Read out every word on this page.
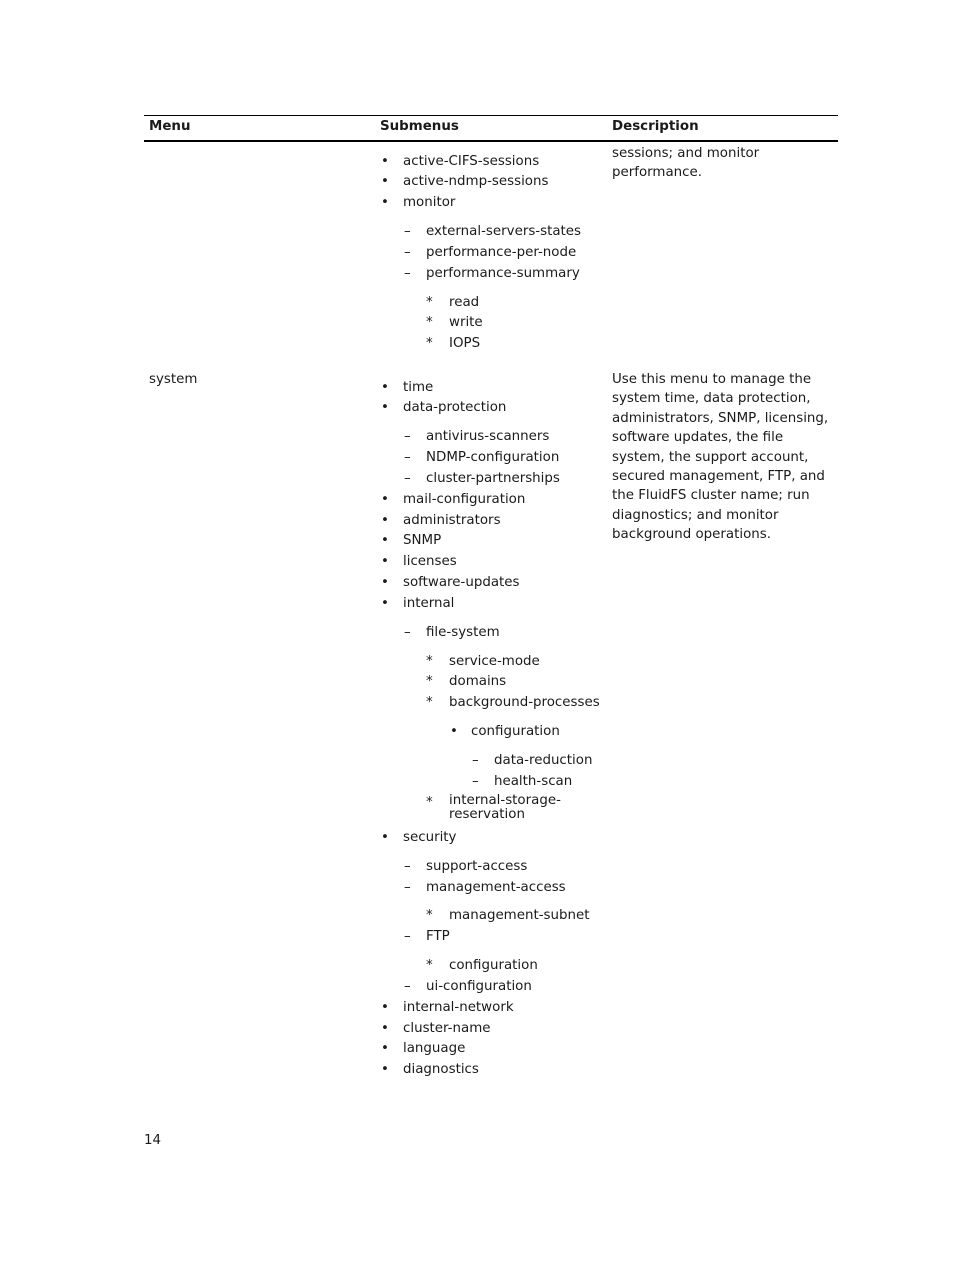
Menu	Submenus	Description
system
sessions; and monitor performance.
Use this menu to manage the system time, data protection, administrators, SNMP, licensing, software updates, the file system, the support account, secured management, FTP, and the FluidFS cluster name; run diagnostics; and monitor background operations.
• active-CIFS-sessions
• active-ndmp-sessions
• monitor
– external-servers-states
– performance-per-node
– performance-summary
* read
* write
* IOPS
• time
• data-protection
– antivirus-scanners
– NDMP-configuration
– cluster-partnerships
• mail-configuration
• administrators
• SNMP
• licenses
• software-updates
• internal
– file-system
* service-mode
* domains
* background-processes
• configuration
– data-reduction
– health-scan
* internal-storage-reservation
• security
– support-access
– management-access
* management-subnet
– FTP
* configuration
– ui-configuration
• internal-network
• cluster-name
• language
• diagnostics
14
